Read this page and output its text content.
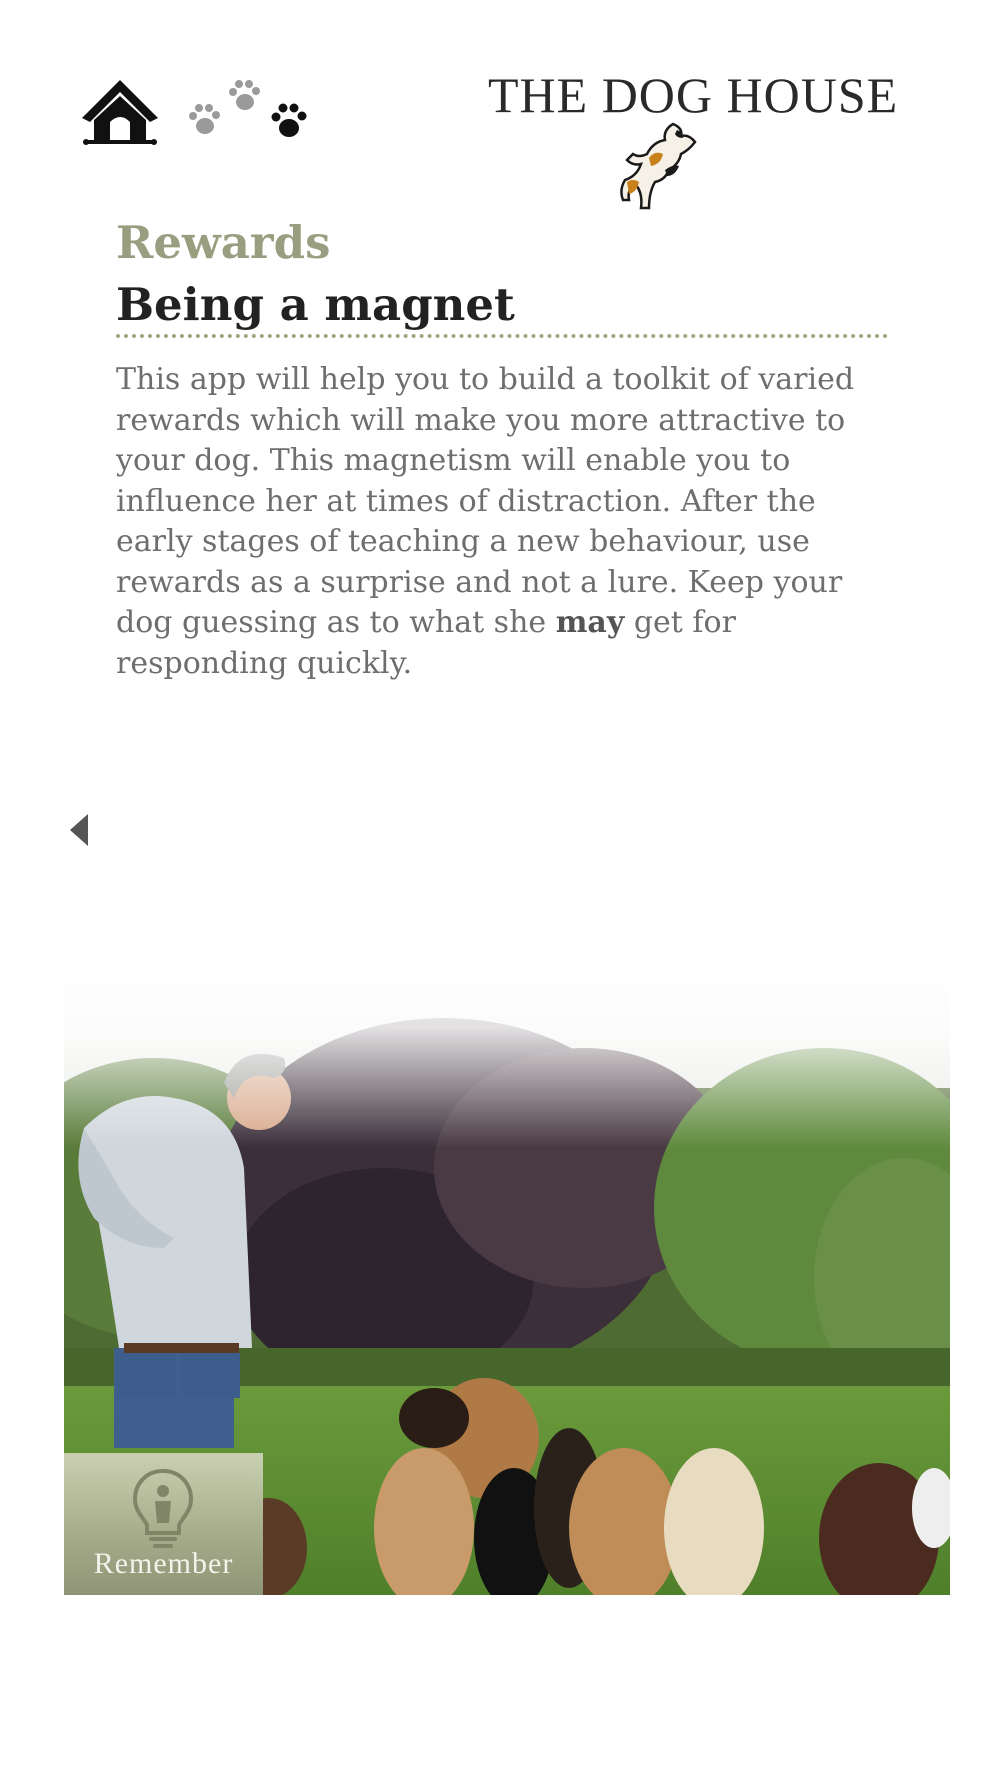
THE DOG HOUSE
Rewards
Being a magnet

This app will help you to build a toolkit of varied rewards which will make you more attractive to your dog. This magnetism will enable you to influence her at times of distraction. After the early stages of teaching a new behaviour, use rewards as a surprise and not a lure. Keep your dog guessing as to what she may get for responding quickly.

Remember
